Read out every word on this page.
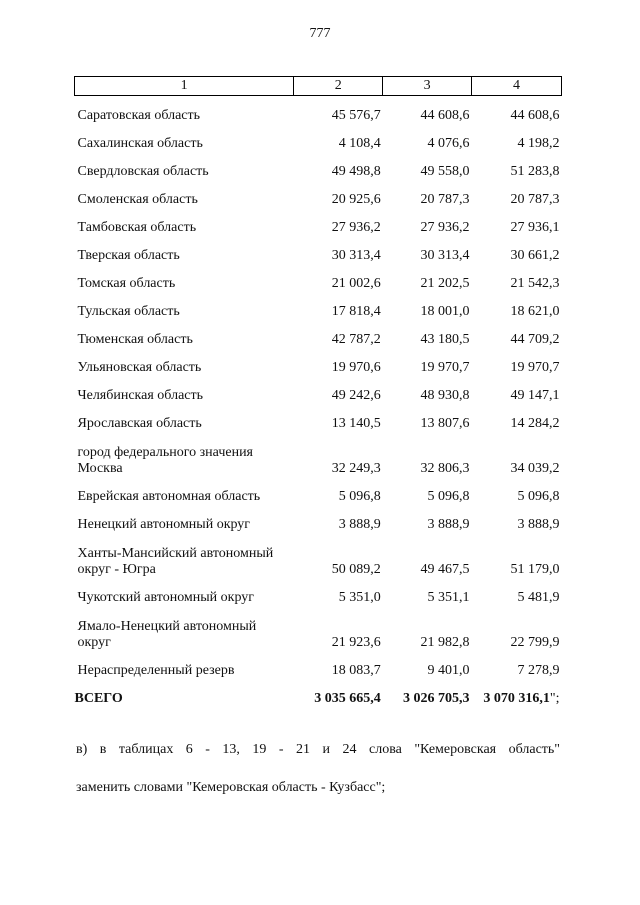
777
1	2	3	4
Саратовская область	45 576,7	44 608,6	44 608,6
Сахалинская область	4 108,4	4 076,6	4 198,2
Свердловская область	49 498,8	49 558,0	51 283,8
Смоленская область	20 925,6	20 787,3	20 787,3
Тамбовская область	27 936,2	27 936,2	27 936,1
Тверская область	30 313,4	30 313,4	30 661,2
Томская область	21 002,6	21 202,5	21 542,3
Тульская область	17 818,4	18 001,0	18 621,0
Тюменская область	42 787,2	43 180,5	44 709,2
Ульяновская область	19 970,6	19 970,7	19 970,7
Челябинская область	49 242,6	48 930,8	49 147,1
Ярославская область	13 140,5	13 807,6	14 284,2
город федерального значения
Москва	32 249,3	32 806,3	34 039,2
Еврейская автономная область	5 096,8	5 096,8	5 096,8
Ненецкий автономный округ	3 888,9	3 888,9	3 888,9
Ханты-Мансийский автономный
округ - Югра	50 089,2	49 467,5	51 179,0
Чукотский автономный округ	5 351,0	5 351,1	5 481,9
Ямало-Ненецкий автономный
округ	21 923,6	21 982,8	22 799,9
Нераспределенный резерв	18 083,7	9 401,0	7 278,9
ВСЕГО	3 035 665,4	3 026 705,3	3 070 316,1";
в) в таблицах 6 - 13, 19 - 21 и 24 слова "Кемеровская область"
заменить словами "Кемеровская область - Кузбасс";
